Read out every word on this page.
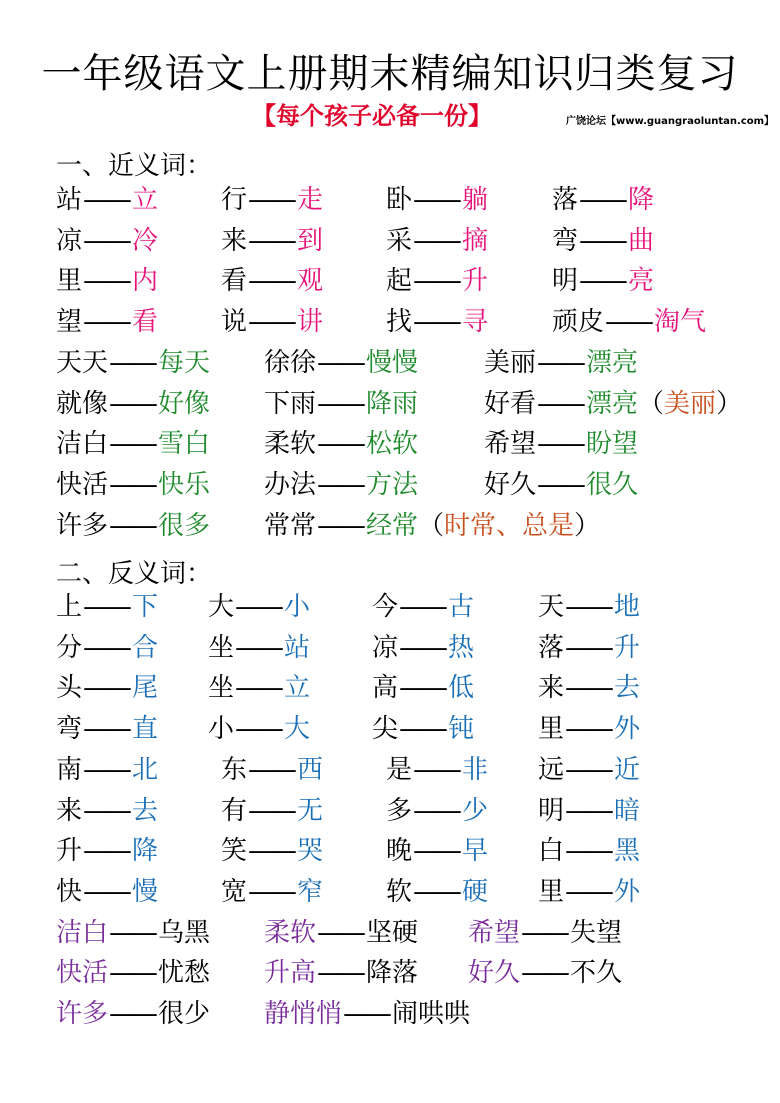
一年级语文上册期末精编知识归类复习
【每个孩子必备一份】	广饶论坛【www.guangraoluntan.com】
一、近义词：
站—— 立 行—— 走 卧—— 躺 落—— 降
凉—— 冷 来—— 到 采—— 摘 弯—— 曲
里—— 内 看—— 观 起—— 升 明—— 亮
望—— 看 说—— 讲 找—— 寻 顽皮—— 淘气
天天—— 每天 徐徐—— 慢慢	美丽—— 漂亮
就像—— 好像 下雨—— 降雨	好看—— 漂亮（美丽）
洁白—— 雪白 柔软—— 松软	希望—— 盼望
快活—— 快乐 办法—— 方法	好久—— 很久
许多—— 很多 常常—— 经常（时常、总是）
二、反义词：
上—— 下 大—— 小 今—— 古 天—— 地
分—— 合 坐—— 站 凉—— 热 落—— 升
头—— 尾 坐—— 立 高—— 低 来—— 去
弯—— 直 小—— 大 尖—— 钝 里—— 外
南—— 北 东—— 西 是—— 非 远—— 近
来—— 去 有—— 无 多—— 少 明—— 暗
升—— 降 笑—— 哭 晚—— 早 白—— 黑
快—— 慢 宽—— 窄 软—— 硬 里—— 外
洁白—— 乌黑 柔软—— 坚硬 希望—— 失望
快活—— 忧愁 升高—— 降落 好久—— 不久
许多—— 很少 静悄悄—— 闹哄哄
